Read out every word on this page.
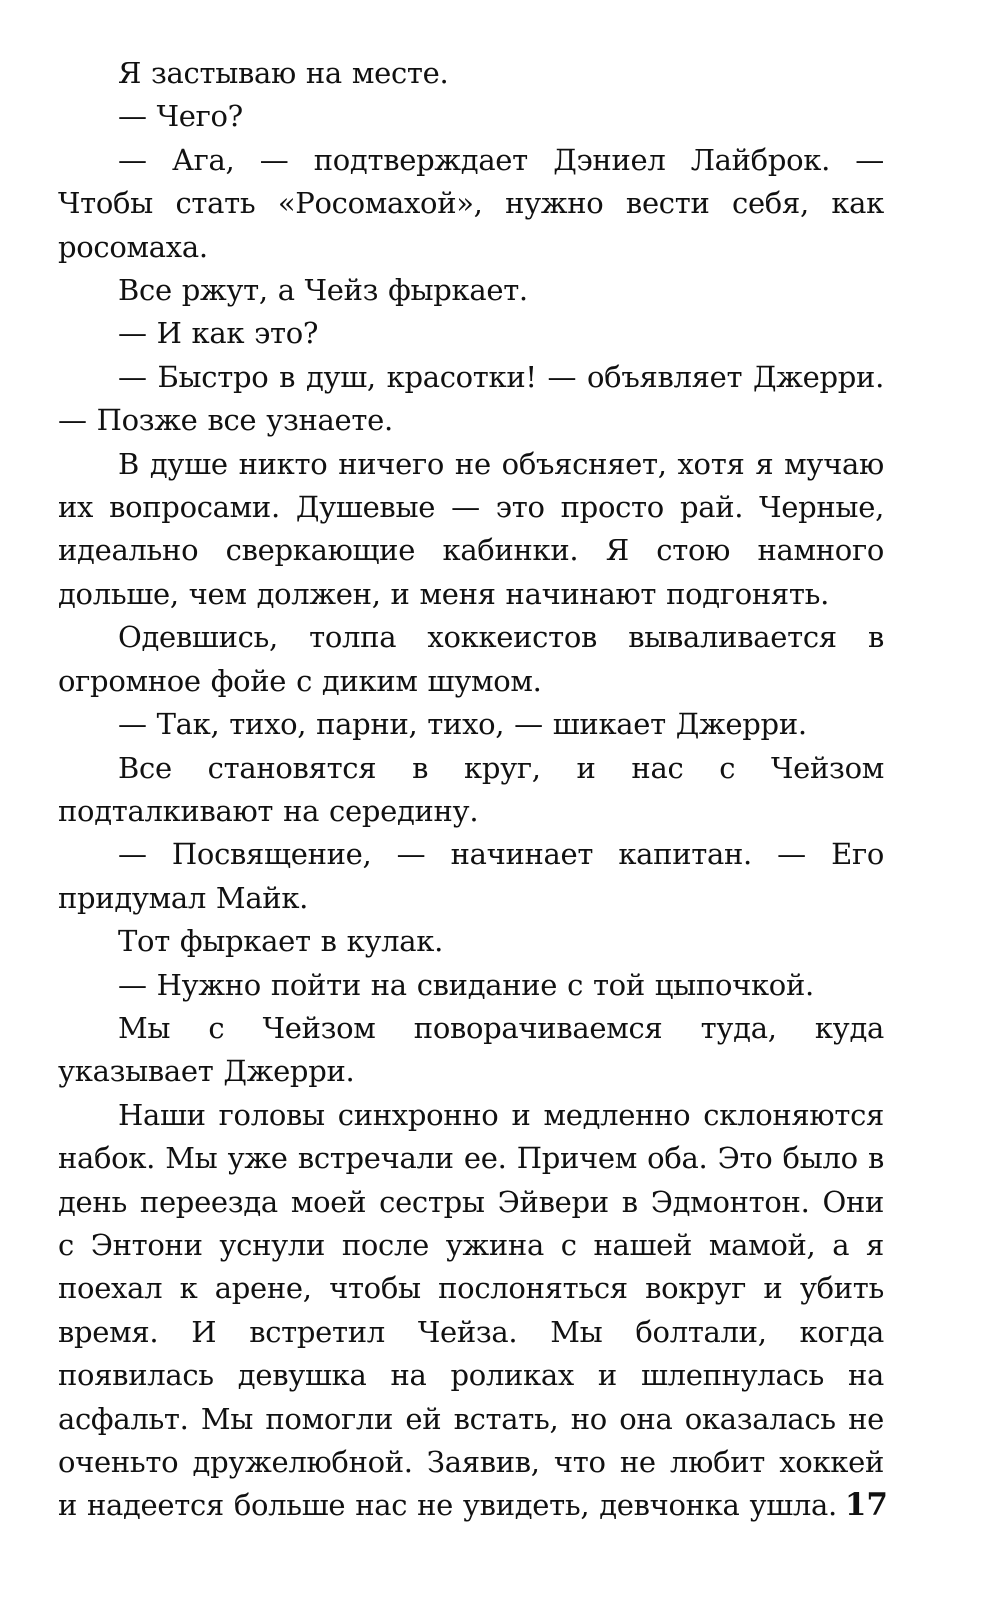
Я застываю на месте.

— Чего?

— Ага, — подтверждает Дэниел Лайброк. — Чтобы стать «Росомахой», нужно вести себя, как росомаха.

Все ржут, а Чейз фыркает.

— И как это?

— Быстро в душ, красотки! — объявляет Джерри. — Позже все узнаете.

В душе никто ничего не объясняет, хотя я мучаю их вопросами. Душевые — это просто рай. Черные, идеально сверкающие кабинки. Я стою намного дольше, чем должен, и меня начинают подгонять.

Одевшись, толпа хоккеистов вываливается в огромное фойе с диким шумом.

— Так, тихо, парни, тихо, — шикает Джерри.

Все становятся в круг, и нас с Чейзом подталкивают на середину.

— Посвящение, — начинает капитан. — Его придумал Майк.

Тот фыркает в кулак.

— Нужно пойти на свидание с той цыпочкой.

Мы с Чейзом поворачиваемся туда, куда указывает Джерри.

Наши головы синхронно и медленно склоняются набок. Мы уже встречали ее. Причем оба. Это было в день переезда моей сестры Эйвери в Эдмонтон. Они с Энтони уснули после ужина с нашей мамой, а я поехал к арене, чтобы послоняться вокруг и убить время. И встретил Чейза. Мы болтали, когда появилась девушка на роликах и шлепнулась на асфальт. Мы помогли ей встать, но она оказалась не оченьто дружелюбной. Заявив, что не любит хоккей и надеется больше нас не увидеть, девчонка ушла. 17
